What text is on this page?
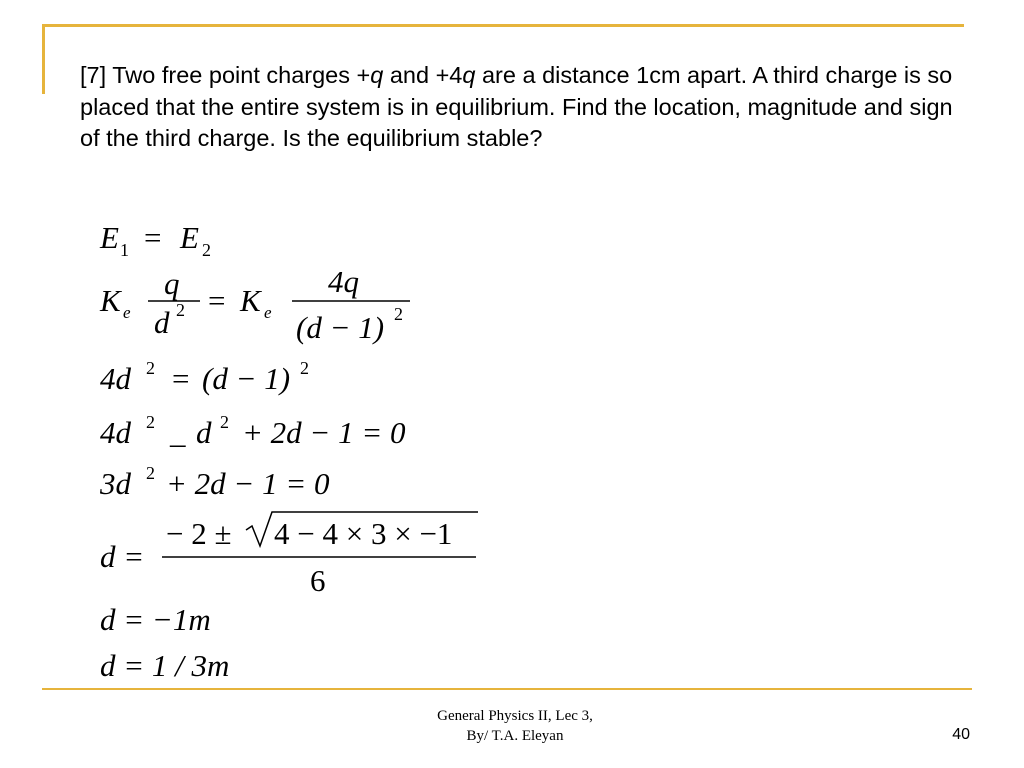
[7] Two free point charges +q and +4q are a distance 1cm apart. A third charge is so placed that the entire system is in equilibrium. Find the location, magnitude and sign of the third charge. Is the equilibrium stable?

E 1 = E 2
K e
q
d 2 = K e
4q
(d − 1) 2
4d 2 = (d − 1) 2
4d 2 _ d 2 + 2d − 1 = 0
3d 2 + 2d − 1 = 0
d =
− 2 ± 4 − 4 × 3 × −1
6
d = −1m
d = 1 / 3m
General Physics II, Lec 3,
By/ T.A. Eleyan	40
